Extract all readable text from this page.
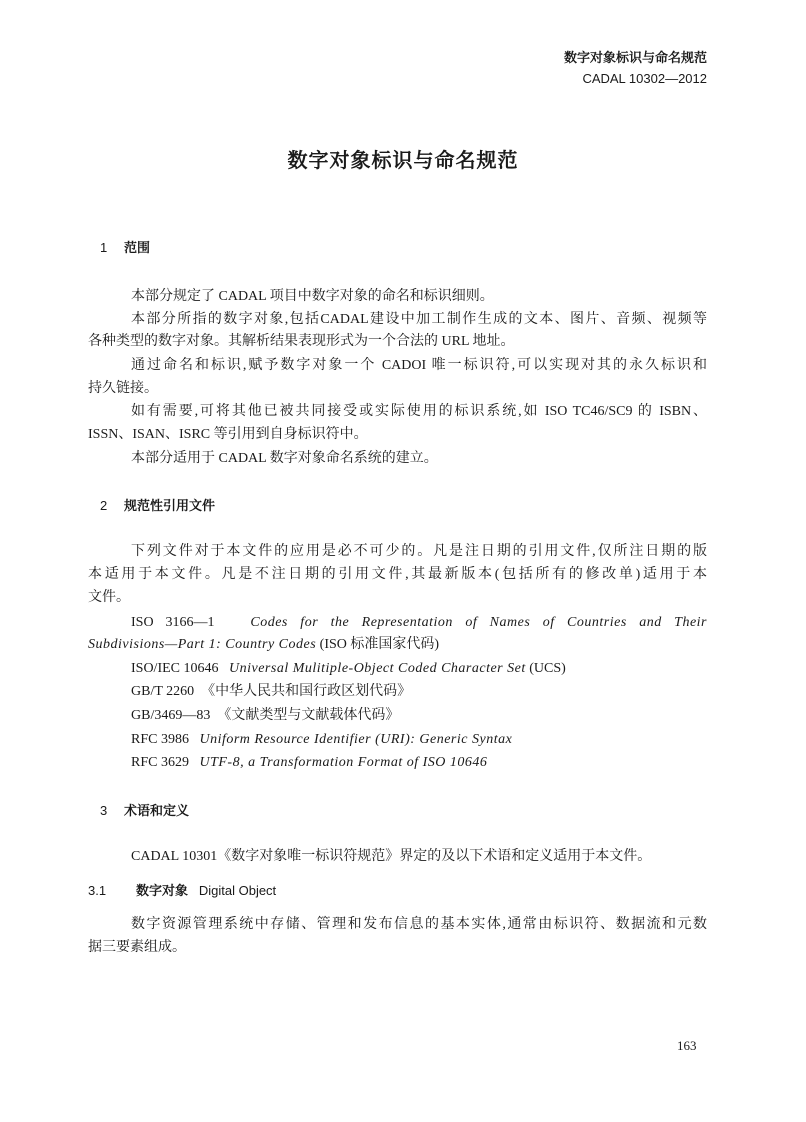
数字对象标识与命名规范
CADAL 10302—2012
数字对象标识与命名规范
1 范围
本部分规定了 CADAL 项目中数字对象的命名和标识细则。
本部分所指的数字对象,包括CADAL建设中加工制作生成的文本、图片、音频、视频等
各种类型的数字对象。其解析结果表现形式为一个合法的 URL 地址。
通过命名和标识,赋予数字对象一个 CADOI 唯一标识符,可以实现对其的永久标识和
持久链接。
如有需要,可将其他已被共同接受或实际使用的标识系统,如 ISO TC46/SC9 的 ISBN、
ISSN、ISAN、ISRC 等引用到自身标识符中。
本部分适用于 CADAL 数字对象命名系统的建立。
2 规范性引用文件
下列文件对于本文件的应用是必不可少的。凡是注日期的引用文件,仅所注日期的版
本适用于本文件。凡是不注日期的引用文件,其最新版本(包括所有的修改单)适用于本
文件。
ISO 3166—1	Codes for the Representation of Names of Countries and Their
Subdivisions—Part 1: Country Codes (ISO 标准国家代码)
ISO/IEC 10646 Universal Mulitiple-Object Coded Character Set (UCS)
GB/T 2260 《中华人民共和国行政区划代码》
GB/3469—83 《文献类型与文献载体代码》
RFC 3986 Uniform Resource Identifier (URI): Generic Syntax
RFC 3629 UTF-8, a Transformation Format of ISO 10646
3 术语和定义
CADAL 10301《数字对象唯一标识符规范》界定的及以下术语和定义适用于本文件。
3.1 数字对象 Digital Object
数字资源管理系统中存储、管理和发布信息的基本实体,通常由标识符、数据流和元数
据三要素组成。
163
